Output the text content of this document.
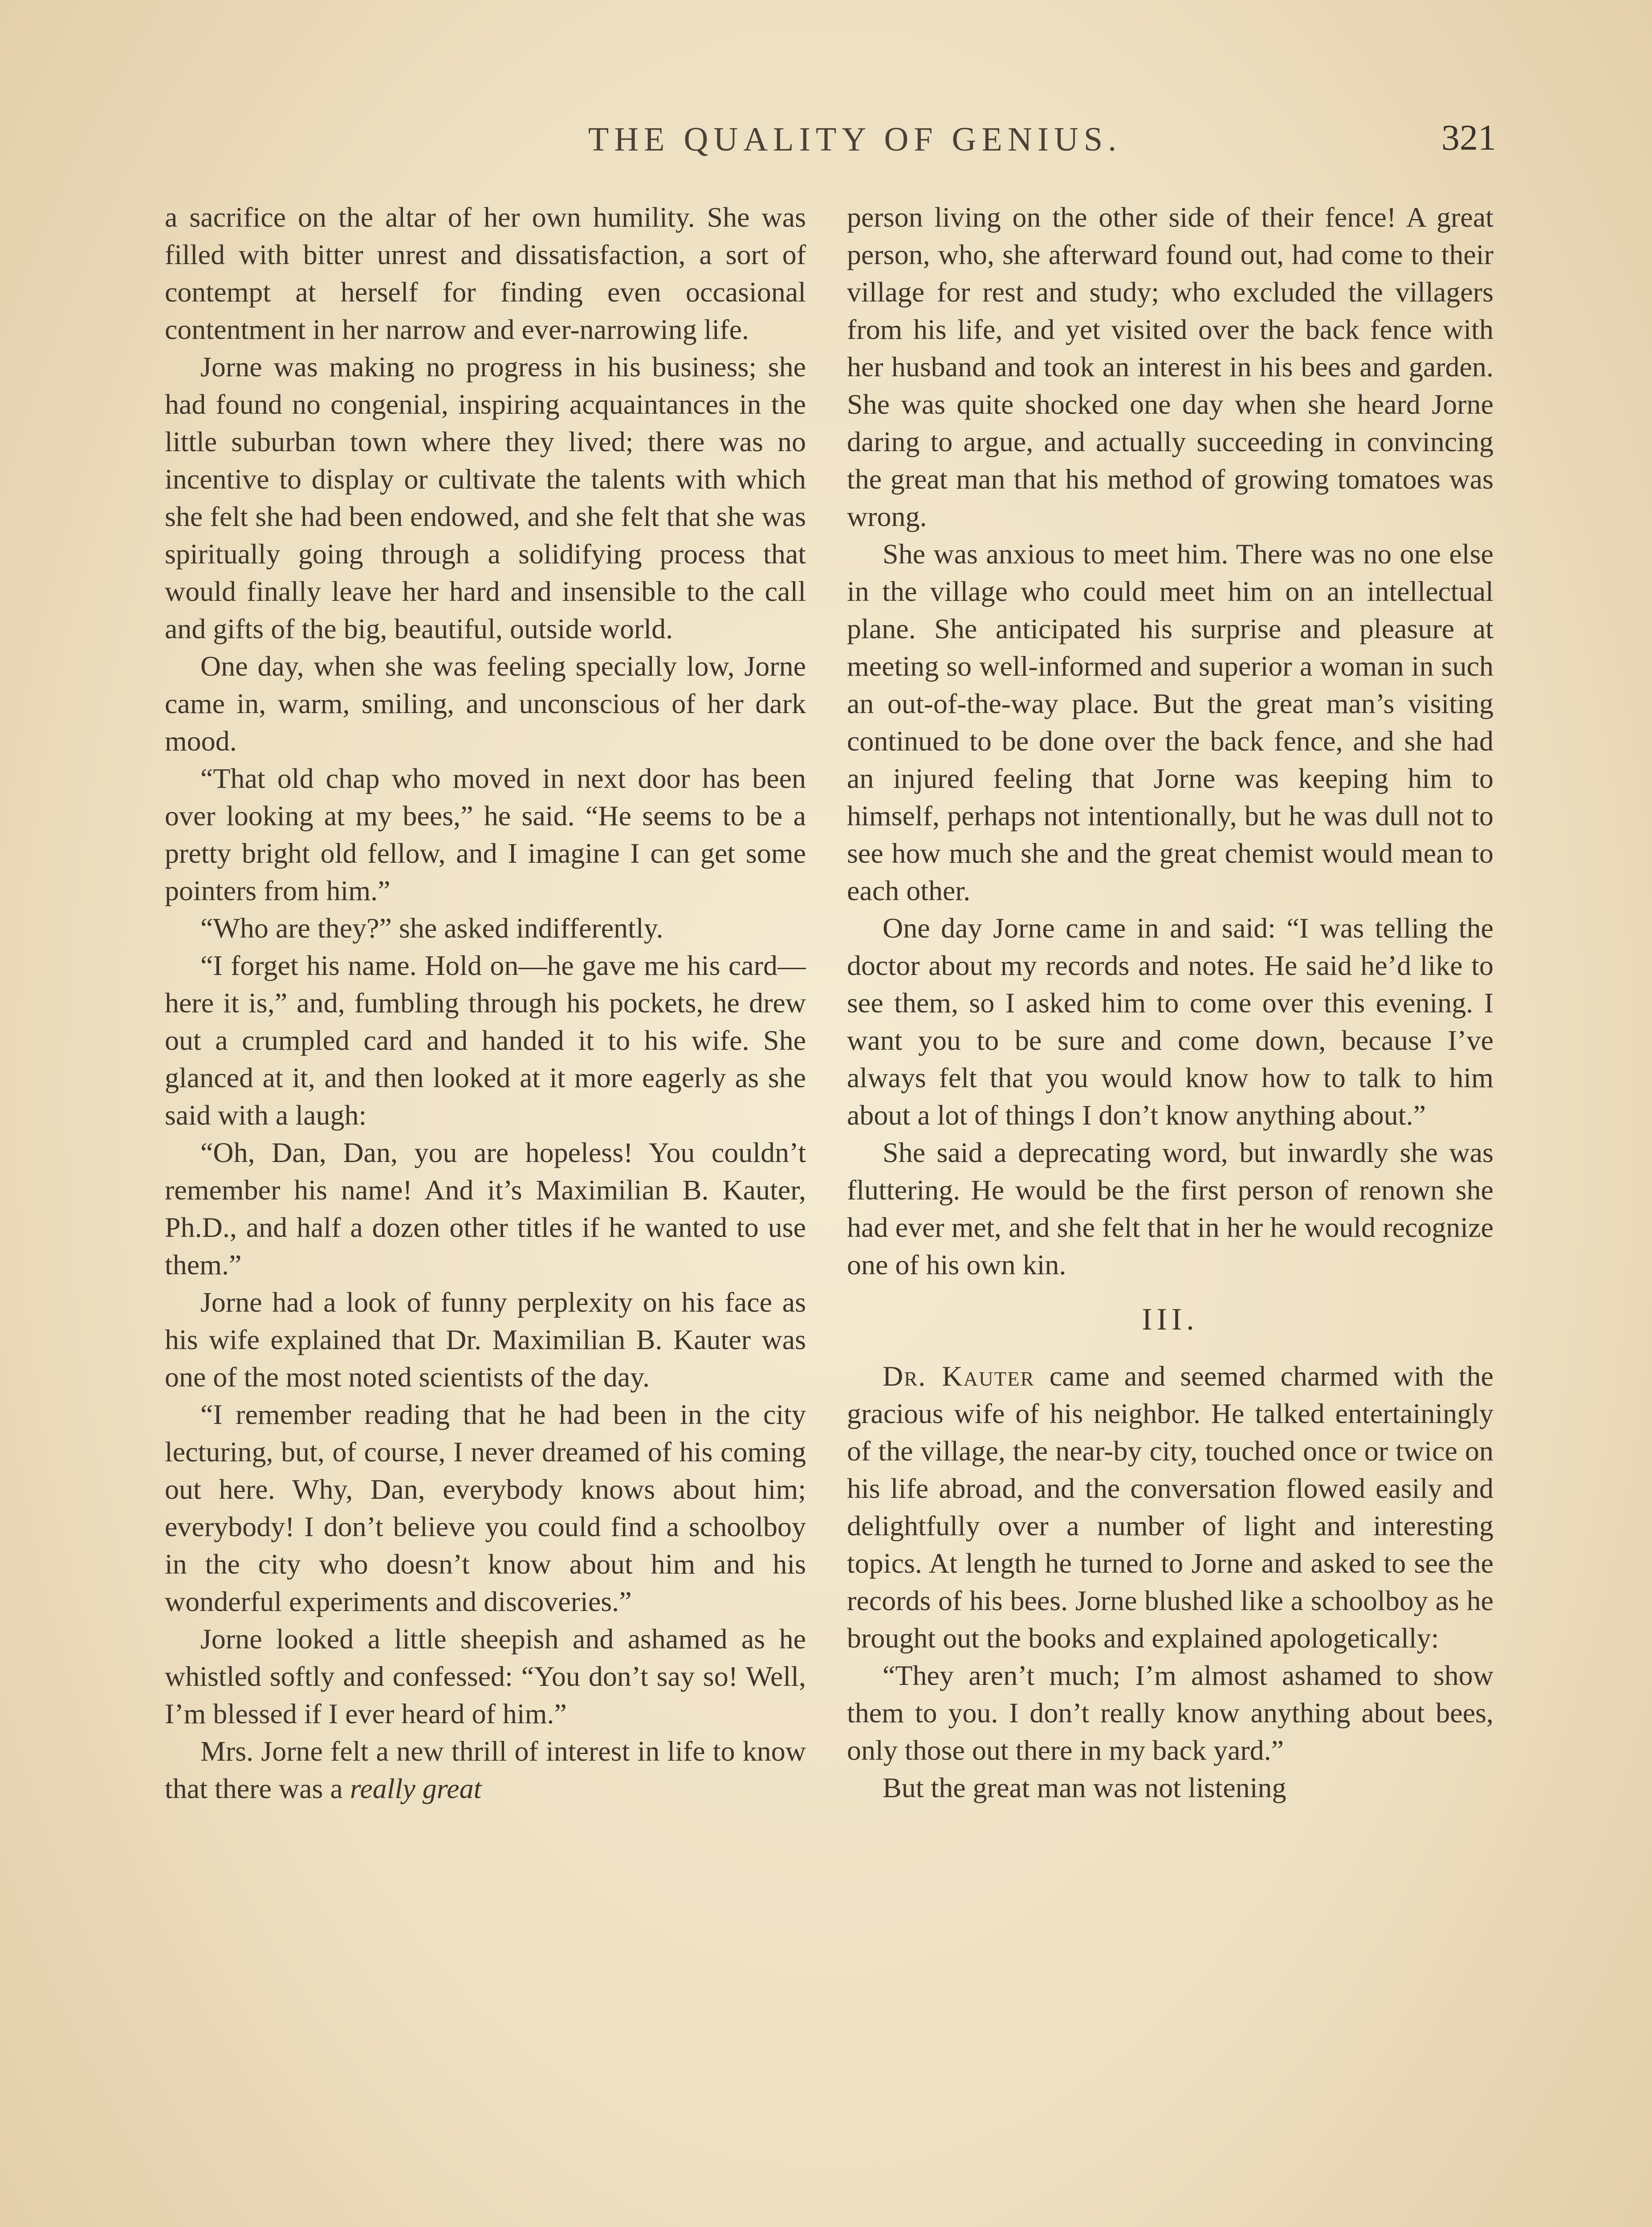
THE QUALITY OF GENIUS.	321

a sacrifice on the altar of her own humility. She was filled with bitter unrest and dissatisfaction, a sort of contempt at herself for finding even occasional contentment in her narrow and ever-narrowing life.

Jorne was making no progress in his business; she had found no congenial, inspiring acquaintances in the little suburban town where they lived; there was no incentive to display or cultivate the talents with which she felt she had been endowed, and she felt that she was spiritually going through a solidifying process that would finally leave her hard and insensible to the call and gifts of the big, beautiful, outside world.

One day, when she was feeling specially low, Jorne came in, warm, smiling, and unconscious of her dark mood.

“That old chap who moved in next door has been over looking at my bees,” he said. “He seems to be a pretty bright old fellow, and I imagine I can get some pointers from him.”

“Who are they?” she asked indifferently.

“I forget his name. Hold on—he gave me his card—here it is,” and, fumbling through his pockets, he drew out a crumpled card and handed it to his wife. She glanced at it, and then looked at it more eagerly as she said with a laugh:

“Oh, Dan, Dan, you are hopeless! You couldn’t remember his name! And it’s Maximilian B. Kauter, Ph.D., and half a dozen other titles if he wanted to use them.”

Jorne had a look of funny perplexity on his face as his wife explained that Dr. Maximilian B. Kauter was one of the most noted scientists of the day.

“I remember reading that he had been in the city lecturing, but, of course, I never dreamed of his coming out here. Why, Dan, everybody knows about him; everybody! I don’t believe you could find a schoolboy in the city who doesn’t know about him and his wonderful experiments and discoveries.”

Jorne looked a little sheepish and ashamed as he whistled softly and confessed: “You don’t say so! Well, I’m blessed if I ever heard of him.”

Mrs. Jorne felt a new thrill of interest in life to know that there was a really great

person living on the other side of their fence! A great person, who, she afterward found out, had come to their village for rest and study; who excluded the villagers from his life, and yet visited over the back fence with her husband and took an interest in his bees and garden. She was quite shocked one day when she heard Jorne daring to argue, and actually succeeding in convincing the great man that his method of growing tomatoes was wrong.

She was anxious to meet him. There was no one else in the village who could meet him on an intellectual plane. She anticipated his surprise and pleasure at meeting so well-informed and superior a woman in such an out-of-the-way place. But the great man’s visiting continued to be done over the back fence, and she had an injured feeling that Jorne was keeping him to himself, perhaps not intentionally, but he was dull not to see how much she and the great chemist would mean to each other.

One day Jorne came in and said: “I was telling the doctor about my records and notes. He said he’d like to see them, so I asked him to come over this evening. I want you to be sure and come down, because I’ve always felt that you would know how to talk to him about a lot of things I don’t know anything about.”

She said a deprecating word, but inwardly she was fluttering. He would be the first person of renown she had ever met, and she felt that in her he would recognize one of his own kin.

III.

Dr. Kauter came and seemed charmed with the gracious wife of his neighbor. He talked entertainingly of the village, the near-by city, touched once or twice on his life abroad, and the conversation flowed easily and delightfully over a number of light and interesting topics. At length he turned to Jorne and asked to see the records of his bees. Jorne blushed like a schoolboy as he brought out the books and explained apologetically:

“They aren’t much; I’m almost ashamed to show them to you. I don’t really know anything about bees, only those out there in my back yard.”

But the great man was not listening
